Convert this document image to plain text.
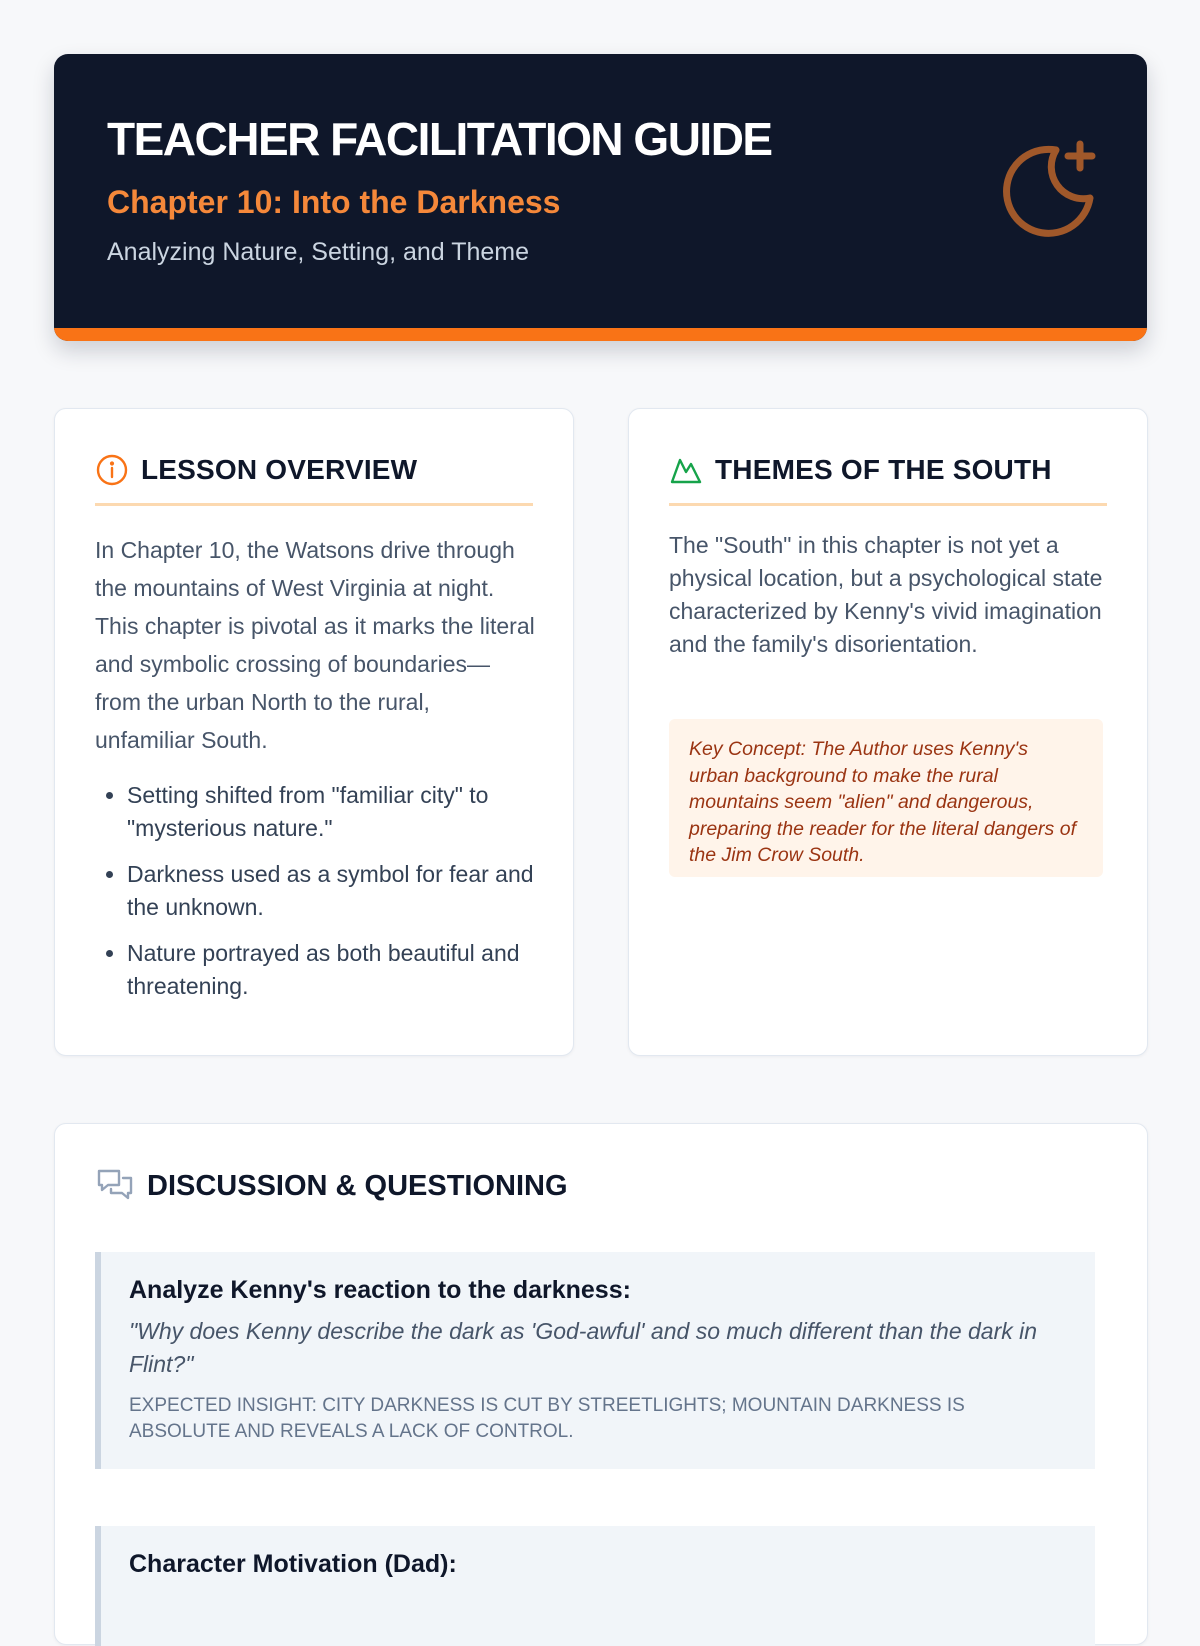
TEACHER FACILITATION GUIDE
Chapter 10: Into the Darkness
Analyzing Nature, Setting, and Theme
LESSON OVERVIEW

In Chapter 10, the Watsons drive through the mountains of West Virginia at night. This chapter is pivotal as it marks the literal and symbolic crossing of boundaries—from the urban North to the rural, unfamiliar South.

• Setting shifted from "familiar city" to "mysterious nature."
• Darkness used as a symbol for fear and the unknown.
• Nature portrayed as both beautiful and threatening.
THEMES OF THE SOUTH

The "South" in this chapter is not yet a physical location, but a psychological state characterized by Kenny's vivid imagination and the family's disorientation.

Key Concept: The Author uses Kenny's urban background to make the rural mountains seem "alien" and dangerous, preparing the reader for the literal dangers of the Jim Crow South.
DISCUSSION & QUESTIONING

Analyze Kenny's reaction to the darkness:

"Why does Kenny describe the dark as 'God-awful' and so much different than the dark in Flint?"

EXPECTED INSIGHT: CITY DARKNESS IS CUT BY STREETLIGHTS; MOUNTAIN DARKNESS IS ABSOLUTE AND REVEALS A LACK OF CONTROL.

Character Motivation (Dad):
